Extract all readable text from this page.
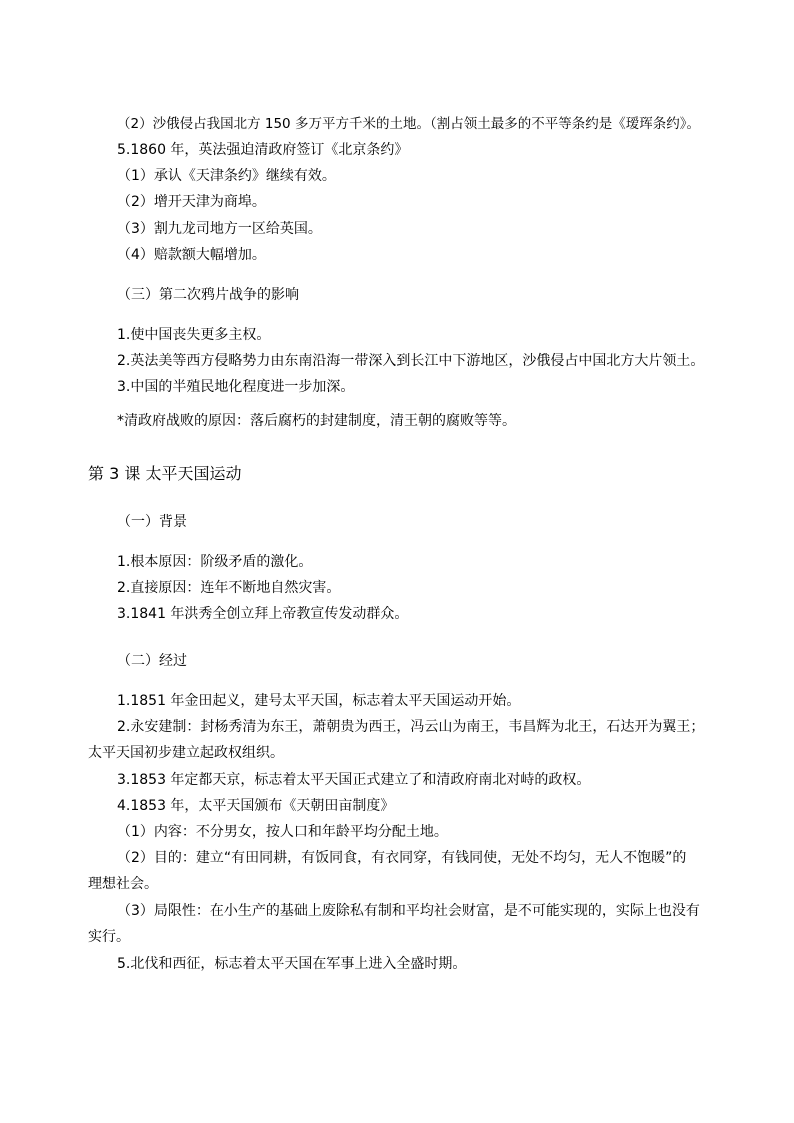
（2）沙俄侵占我国北方 150 多万平方千米的土地。（割占领土最多的不平等条约是《瑷珲条约》。
5.1860 年，英法强迫清政府签订《北京条约》
（1）承认《天津条约》继续有效。
（2）增开天津为商埠。
（3）割九龙司地方一区给英国。
（4）赔款额大幅增加。
（三）第二次鸦片战争的影响
1.使中国丧失更多主权。
2.英法美等西方侵略势力由东南沿海一带深入到长江中下游地区，沙俄侵占中国北方大片领土。
3.中国的半殖民地化程度进一步加深。
*清政府战败的原因：落后腐朽的封建制度，清王朝的腐败等等。
第 3 课 太平天国运动
（一）背景
1.根本原因：阶级矛盾的激化。
2.直接原因：连年不断地自然灾害。
3.1841 年洪秀全创立拜上帝教宣传发动群众。
（二）经过
1.1851 年金田起义，建号太平天国，标志着太平天国运动开始。
2.永安建制：封杨秀清为东王，萧朝贵为西王，冯云山为南王，韦昌辉为北王，石达开为翼王；
太平天国初步建立起政权组织。
3.1853 年定都天京，标志着太平天国正式建立了和清政府南北对峙的政权。
4.1853 年，太平天国颁布《天朝田亩制度》
（1）内容：不分男女，按人口和年龄平均分配土地。
（2）目的：建立“有田同耕，有饭同食，有衣同穿，有钱同使，无处不均匀，无人不饱暖”的
理想社会。
（3）局限性：在小生产的基础上废除私有制和平均社会财富，是不可能实现的，实际上也没有
实行。
5.北伐和西征，标志着太平天国在军事上进入全盛时期。
